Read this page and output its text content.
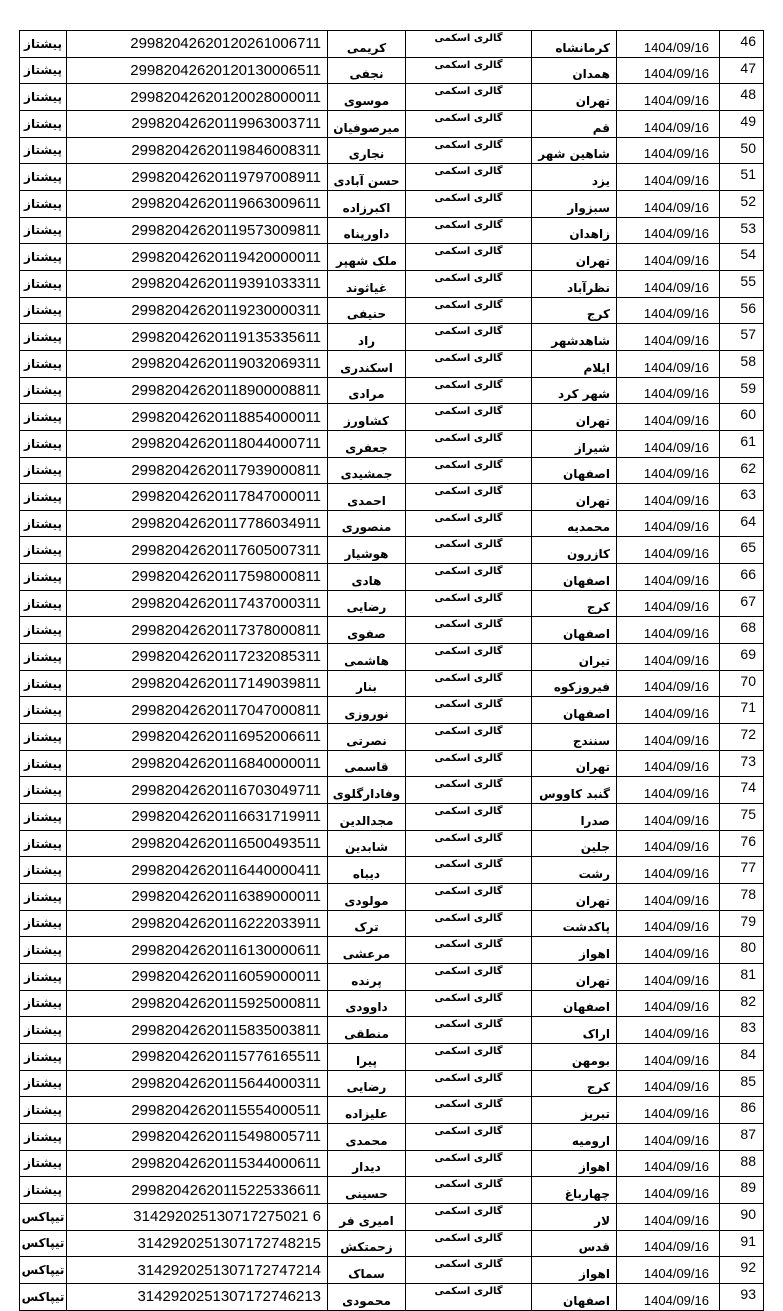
پیشتاز	29982042620120261006711	کریمی	گالری اسکمی	کرمانشاه	1404/09/16	46
پیشتاز	29982042620120130006511	نجفی	گالری اسکمی	همدان	1404/09/16	47
پیشتاز	29982042620120028000011	موسوی	گالری اسکمی	تهران	1404/09/16	48
پیشتاز	29982042620119963003711	میرصوفیان	گالری اسکمی	قم	1404/09/16	49
پیشتاز	29982042620119846008311	نجاری	گالری اسکمی	شاهین شهر	1404/09/16	50
پیشتاز	29982042620119797008911	حسن آبادی	گالری اسکمی	یزد	1404/09/16	51
پیشتاز	29982042620119663009611	اکبرزاده	گالری اسکمی	سبزوار	1404/09/16	52
پیشتاز	29982042620119573009811	داورپناه	گالری اسکمی	زاهدان	1404/09/16	53
پیشتاز	29982042620119420000011	ملک شهپر	گالری اسکمی	تهران	1404/09/16	54
پیشتاز	29982042620119391033311	غیاثوند	گالری اسکمی	نظرآباد	1404/09/16	55
پیشتاز	29982042620119230000311	حنیفی	گالری اسکمی	کرج	1404/09/16	56
پیشتاز	29982042620119135335611	راد	گالری اسکمی	شاهدشهر	1404/09/16	57
پیشتاز	29982042620119032069311	اسکندری	گالری اسکمی	ایلام	1404/09/16	58
پیشتاز	29982042620118900008811	مرادی	گالری اسکمی	شهر کرد	1404/09/16	59
پیشتاز	29982042620118854000011	کشاورز	گالری اسکمی	تهران	1404/09/16	60
پیشتاز	29982042620118044000711	جعفری	گالری اسکمی	شیراز	1404/09/16	61
پیشتاز	29982042620117939000811	جمشیدی	گالری اسکمی	اصفهان	1404/09/16	62
پیشتاز	29982042620117847000011	احمدی	گالری اسکمی	تهران	1404/09/16	63
پیشتاز	29982042620117786034911	منصوری	گالری اسکمی	محمدیه	1404/09/16	64
پیشتاز	29982042620117605007311	هوشیار	گالری اسکمی	کازرون	1404/09/16	65
پیشتاز	29982042620117598000811	هادی	گالری اسکمی	اصفهان	1404/09/16	66
پیشتاز	29982042620117437000311	رضایی	گالری اسکمی	کرج	1404/09/16	67
پیشتاز	29982042620117378000811	صفوی	گالری اسکمی	اصفهان	1404/09/16	68
پیشتاز	29982042620117232085311	هاشمی	گالری اسکمی	تیران	1404/09/16	69
پیشتاز	29982042620117149039811	بنار	گالری اسکمی	فیروزکوه	1404/09/16	70
پیشتاز	29982042620117047000811	نوروزی	گالری اسکمی	اصفهان	1404/09/16	71
پیشتاز	29982042620116952006611	نصرتی	گالری اسکمی	سنندج	1404/09/16	72
پیشتاز	29982042620116840000011	قاسمی	گالری اسکمی	تهران	1404/09/16	73
پیشتاز	29982042620116703049711	وفادارگلوی	گالری اسکمی	گنبد کاووس	1404/09/16	74
پیشتاز	29982042620116631719911	مجدالدین	گالری اسکمی	صدرا	1404/09/16	75
پیشتاز	29982042620116500493511	شابدین	گالری اسکمی	جلین	1404/09/16	76
پیشتاز	29982042620116440000411	دیباه	گالری اسکمی	رشت	1404/09/16	77
پیشتاز	29982042620116389000011	مولودی	گالری اسکمی	تهران	1404/09/16	78
پیشتاز	29982042620116222033911	ترک	گالری اسکمی	پاکدشت	1404/09/16	79
پیشتاز	29982042620116130000611	مرعشی	گالری اسکمی	اهواز	1404/09/16	80
پیشتاز	29982042620116059000011	پرنده	گالری اسکمی	تهران	1404/09/16	81
پیشتاز	29982042620115925000811	داوودی	گالری اسکمی	اصفهان	1404/09/16	82
پیشتاز	29982042620115835003811	منطقی	گالری اسکمی	اراک	1404/09/16	83
پیشتاز	29982042620115776165511	پیرا	گالری اسکمی	بومهن	1404/09/16	84
پیشتاز	29982042620115644000311	رضایی	گالری اسکمی	کرج	1404/09/16	85
پیشتاز	29982042620115554000511	علیزاده	گالری اسکمی	تبریز	1404/09/16	86
پیشتاز	29982042620115498005711	محمدی	گالری اسکمی	ارومیه	1404/09/16	87
پیشتاز	29982042620115344000611	دیدار	گالری اسکمی	اهواز	1404/09/16	88
پیشتاز	29982042620115225336611	حسینی	گالری اسکمی	چهارباغ	1404/09/16	89
تیپاکس	314292025130717275021 6	امیری فر	گالری اسکمی	لار	1404/09/16	90
تیپاکس	3142920251307172748215	زحمتکش	گالری اسکمی	قدس	1404/09/16	91
تیپاکس	3142920251307172747214	سماک	گالری اسکمی	اهواز	1404/09/16	92
تیپاکس	3142920251307172746213	محمودی	گالری اسکمی	اصفهان	1404/09/16	93
